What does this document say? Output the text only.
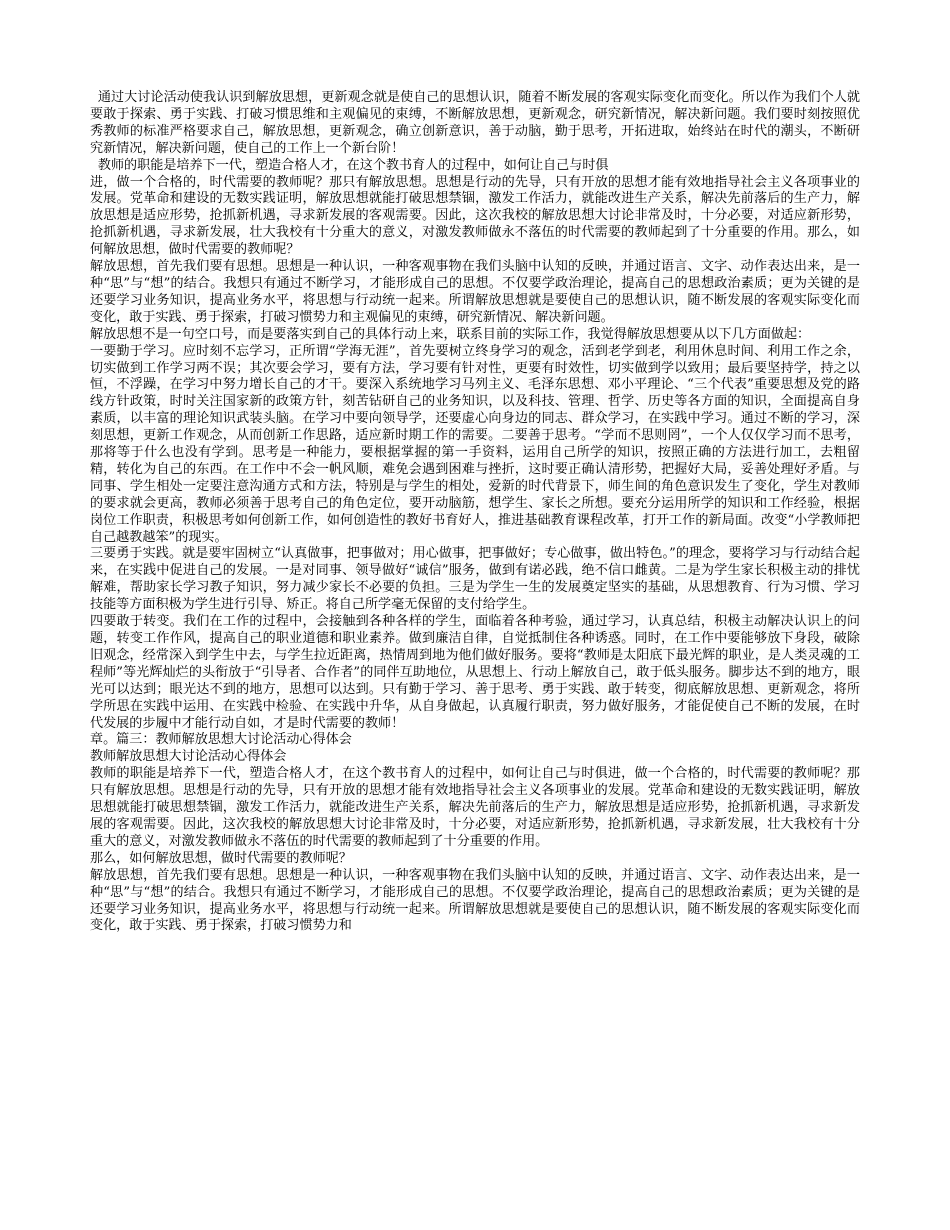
通过大讨论活动使我认识到解放思想，更新观念就是使自己的思想认识，随着不断发展的客观实际变化而变化。所以作为我们个人就要敢于探索、勇于实践、打破习惯思维和主观偏见的束缚，不断解放思想，更新观念，研究新情况，解决新问题。我们要时刻按照优秀教师的标准严格要求自己，解放思想，更新观念，确立创新意识，善于动脑，勤于思考，开拓进取，始终站在时代的潮头，不断研究新情况，解决新问题，使自己的工作上一个新台阶！

教师的职能是培养下一代，塑造合格人才，在这个教书育人的过程中，如何让自己与时俱

进，做一个合格的，时代需要的教师呢？那只有解放思想。思想是行动的先导，只有开放的思想才能有效地指导社会主义各项事业的发展。党革命和建设的无数实践证明，解放思想就能打破思想禁锢，激发工作活力，就能改进生产关系，解决先前落后的生产力，解放思想是适应形势，抢抓新机遇，寻求新发展的客观需要。因此，这次我校的解放思想大讨论非常及时，十分必要，对适应新形势，抢抓新机遇，寻求新发展，壮大我校有十分重大的意义，对激发教师做永不落伍的时代需要的教师起到了十分重要的作用。那么，如何解放思想，做时代需要的教师呢？

解放思想，首先我们要有思想。思想是一种认识，一种客观事物在我们头脑中认知的反映，并通过语言、文字、动作表达出来，是一种“思”与“想”的结合。我想只有通过不断学习，才能形成自己的思想。不仅要学政治理论，提高自己的思想政治素质；更为关键的是还要学习业务知识，提高业务水平，将思想与行动统一起来。所谓解放思想就是要使自己的思想认识，随不断发展的客观实际变化而变化，敢于实践、勇于探索，打破习惯势力和主观偏见的束缚，研究新情况、解决新问题。

解放思想不是一句空口号，而是要落实到自己的具体行动上来，联系目前的实际工作，我觉得解放思想要从以下几方面做起：

一要勤于学习。应时刻不忘学习，正所谓“学海无涯”，首先要树立终身学习的观念，活到老学到老，利用休息时间、利用工作之余，切实做到工作学习两不误；其次要会学习，要有方法，学习要有针对性，更要有时效性，切实做到学以致用；最后要坚持学，持之以恒，不浮躁，在学习中努力增长自己的才干。要深入系统地学习马列主义、毛泽东思想、邓小平理论、“三个代表”重要思想及党的路线方针政策，时时关注国家新的政策方针，刻苦钻研自己的业务知识，以及科技、管理、哲学、历史等各方面的知识，全面提高自身素质，以丰富的理论知识武装头脑。在学习中要向领导学，还要虚心向身边的同志、群众学习，在实践中学习。通过不断的学习，深刻思想，更新工作观念，从而创新工作思路，适应新时期工作的需要。二要善于思考。“学而不思则罔”，一个人仅仅学习而不思考，那将等于什么也没有学到。思考是一种能力，要根据掌握的第一手资料，运用自己所学的知识，按照正确的方法进行加工，去粗留精，转化为自己的东西。在工作中不会一帆风顺，难免会遇到困难与挫折，这时要正确认清形势，把握好大局，妥善处理好矛盾。与同事、学生相处一定要注意沟通方式和方法，特别是与学生的相处，爱新的时代背景下，师生间的角色意识发生了变化，学生对教师的要求就会更高，教师必须善于思考自己的角色定位，要开动脑筋，想学生、家长之所想。要充分运用所学的知识和工作经验，根据岗位工作职责，积极思考如何创新工作，如何创造性的教好书育好人，推进基础教育课程改革，打开工作的新局面。改变“小学教师把自己越教越笨”的现实。

三要勇于实践。就是要牢固树立“认真做事，把事做对；用心做事，把事做好；专心做事，做出特色。”的理念，要将学习与行动结合起来，在实践中促进自己的发展。一是对同事、领导做好“诚信”服务，做到有诺必践，绝不信口雌黄。二是为学生家长积极主动的排忧解难，帮助家长学习教子知识，努力减少家长不必要的负担。三是为学生一生的发展奠定坚实的基础，从思想教育、行为习惯、学习技能等方面积极为学生进行引导、矫正。将自己所学毫无保留的支付给学生。

四要敢于转变。我们在工作的过程中，会接触到各种各样的学生，面临着各种考验，通过学习，认真总结，积极主动解决认识上的问题，转变工作作风，提高自己的职业道德和职业素养。做到廉洁自律，自觉抵制住各种诱惑。同时，在工作中要能够放下身段，破除旧观念，经常深入到学生中去，与学生拉近距离，热情周到地为他们做好服务。要将“教师是太阳底下最光辉的职业，是人类灵魂的工程师”等光辉灿烂的头衔放于“引导者、合作者”的同伴互助地位，从思想上、行动上解放自己，敢于低头服务。脚步达不到的地方，眼光可以达到；眼光达不到的地方，思想可以达到。只有勤于学习、善于思考、勇于实践、敢于转变，彻底解放思想、更新观念，将所学所思在实践中运用、在实践中检验、在实践中升华，从自身做起，认真履行职责，努力做好服务，才能促使自己不断的发展，在时代发展的步履中才能行动自如，才是时代需要的教师！

章。篇三：教师解放思想大讨论活动心得体会

教师解放思想大讨论活动心得体会

教师的职能是培养下一代，塑造合格人才，在这个教书育人的过程中，如何让自己与时俱进，做一个合格的，时代需要的教师呢？那只有解放思想。思想是行动的先导，只有开放的思想才能有效地指导社会主义各项事业的发展。党革命和建设的无数实践证明，解放思想就能打破思想禁锢，激发工作活力，就能改进生产关系，解决先前落后的生产力，解放思想是适应形势，抢抓新机遇，寻求新发展的客观需要。因此，这次我校的解放思想大讨论非常及时，十分必要，对适应新形势，抢抓新机遇，寻求新发展，壮大我校有十分重大的意义，对激发教师做永不落伍的时代需要的教师起到了十分重要的作用。

那么，如何解放思想，做时代需要的教师呢？

解放思想，首先我们要有思想。思想是一种认识，一种客观事物在我们头脑中认知的反映，并通过语言、文字、动作表达出来，是一种“思”与“想”的结合。我想只有通过不断学习，才能形成自己的思想。不仅要学政治理论，提高自己的思想政治素质；更为关键的是还要学习业务知识，提高业务水平，将思想与行动统一起来。所谓解放思想就是要使自己的思想认识，随不断发展的客观实际变化而变化，敢于实践、勇于探索，打破习惯势力和
